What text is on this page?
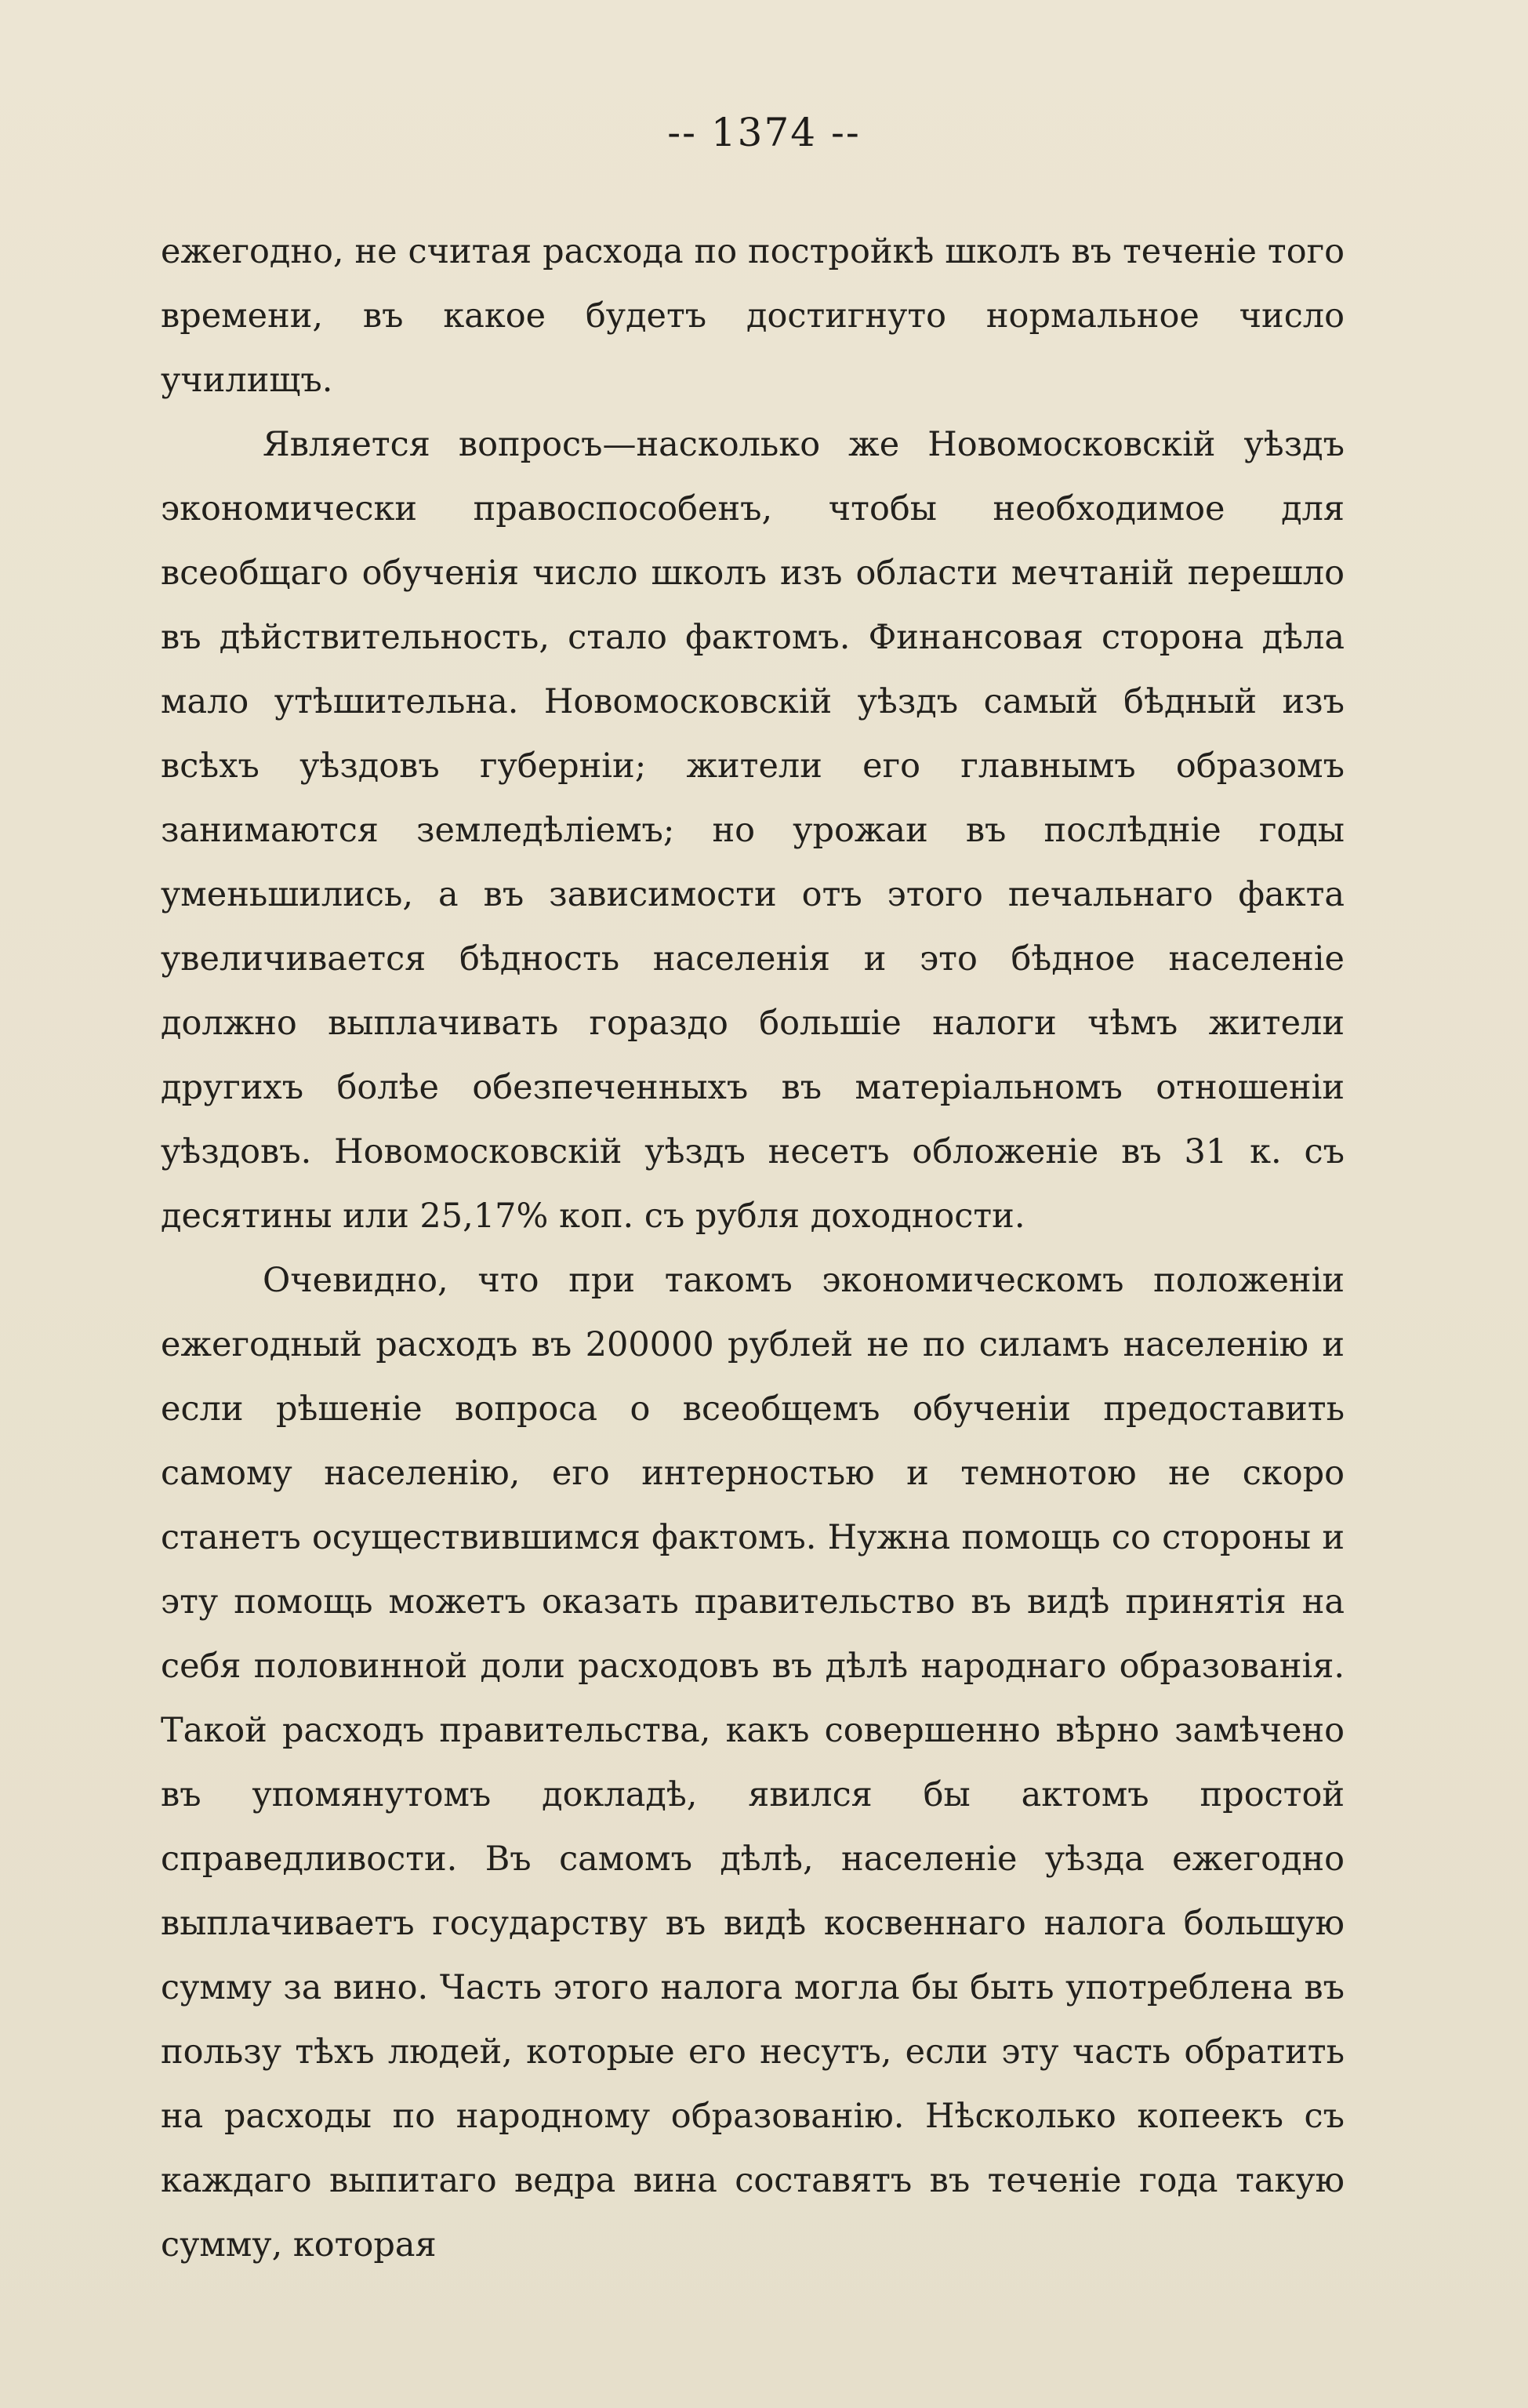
-- 1374 --

ежегодно, не считая расхода по постройкѣ школъ въ теченіе того времени, въ какое будетъ достигнуто нормальное число училищъ.

Является вопросъ—насколько же Новомосковскій уѣздъ экономически правоспособенъ, чтобы необходимое для всеобщаго обученія число школъ изъ области мечтаній перешло въ дѣйствительность, стало фактомъ. Финансовая сторона дѣла мало утѣшительна. Новомосковскій уѣздъ самый бѣдный изъ всѣхъ уѣздовъ губерніи; жители его главнымъ образомъ занимаются земледѣліемъ; но урожаи въ послѣдніе годы уменьшились, а въ зависимости отъ этого печальнаго факта увеличивается бѣдность населенія и это бѣдное населеніе должно выплачивать гораздо большіе налоги чѣмъ жители другихъ болѣе обезпеченныхъ въ матеріальномъ отношеніи уѣздовъ. Новомосковскій уѣздъ несетъ обложеніе въ 31 к. съ десятины или 25,17% коп. съ рубля доходности.

Очевидно, что при такомъ экономическомъ положеніи ежегодный расходъ въ 200000 рублей не по силамъ населенію и если рѣшеніе вопроса о всеобщемъ обученіи предоставить самому населенію, его интерностью и темнотою не скоро станетъ осуществившимся фактомъ. Нужна помощь со стороны и эту помощь можетъ оказать правительство въ видѣ принятія на себя половинной доли расходовъ въ дѣлѣ народнаго образованія. Такой расходъ правительства, какъ совершенно вѣрно замѣчено въ упомянутомъ докладѣ, явился бы актомъ простой справедливости. Въ самомъ дѣлѣ, населеніе уѣзда ежегодно выплачиваетъ государству въ видѣ косвеннаго налога большую сумму за вино. Часть этого налога могла бы быть употреблена въ пользу тѣхъ людей, которые его несутъ, если эту часть обратить на расходы по народному образованію. Нѣсколько копеекъ съ каждаго выпитаго ведра вина составятъ въ теченіе года такую сумму, которая
